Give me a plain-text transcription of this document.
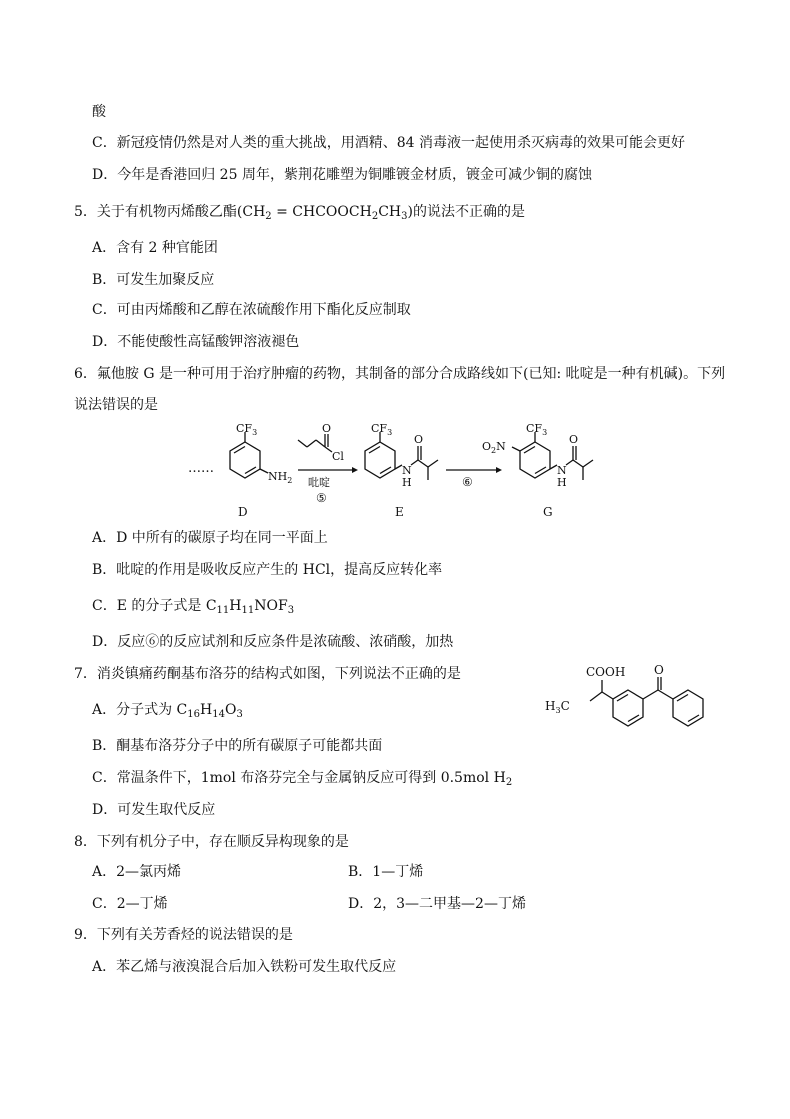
酸
C．新冠疫情仍然是对人类的重大挑战，用酒精、84 消毒液一起使用杀灭病毒的效果可能会更好
D．今年是香港回归 25 周年，紫荆花雕塑为铜雕镀金材质，镀金可减少铜的腐蚀
5．关于有机物丙烯酸乙酯($CH_2$ = $CHCOOCH_2CH_3$)的说法不正确的是
A．含有 2 种官能团
B．可发生加聚反应
C．可由丙烯酸和乙醇在浓硫酸作用下酯化反应制取
D．不能使酸性高锰酸钾溶液褪色
6．氟他胺 G 是一种可用于治疗肿瘤的药物，其制备的部分合成路线如下(已知: 吡啶是一种有机碱)。下列
说法错误的是
……
$CF_3$
$NH_2$
D
O
Cl
吡啶
⑤
$CF_3$
O
N
H
E
⑥
$CF_3$
$O_2N$
O
N
H
G
A．D 中所有的碳原子均在同一平面上
B．吡啶的作用是吸收反应产生的 HCl，提高反应转化率
C．E 的分子式是 $C_{11}H_{11}NOF_3$
D．反应⑥的反应试剂和反应条件是浓硫酸、浓硝酸，加热
7．消炎镇痛药酮基布洛芬的结构式如图，下列说法不正确的是
A．分子式为 $C_{16}H_{14}O_3$
B．酮基布洛芬分子中的所有碳原子可能都共面
C．常温条件下，1mol 布洛芬完全与金属钠反应可得到 0.5mol $H_2$
D．可发生取代反应
COOH
$H_3C$
O
8．下列有机分子中，存在顺反异构现象的是
A．2—氯丙烯	B．1—丁烯
C．2—丁烯	D．2，3—二甲基—2—丁烯
9．下列有关芳香烃的说法错误的是
A．苯乙烯与液溴混合后加入铁粉可发生取代反应
